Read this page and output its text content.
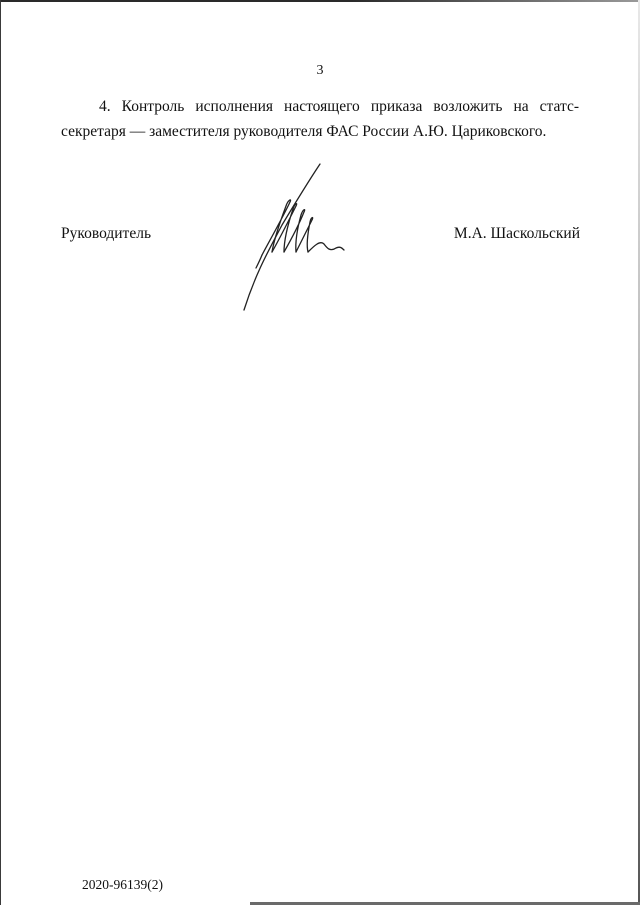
3
4. Контроль исполнения настоящего приказа возложить на статс-
секретаря — заместителя руководителя ФАС России А.Ю. Цариковского.
Руководитель	М.А. Шаскольский
2020-96139(2)
